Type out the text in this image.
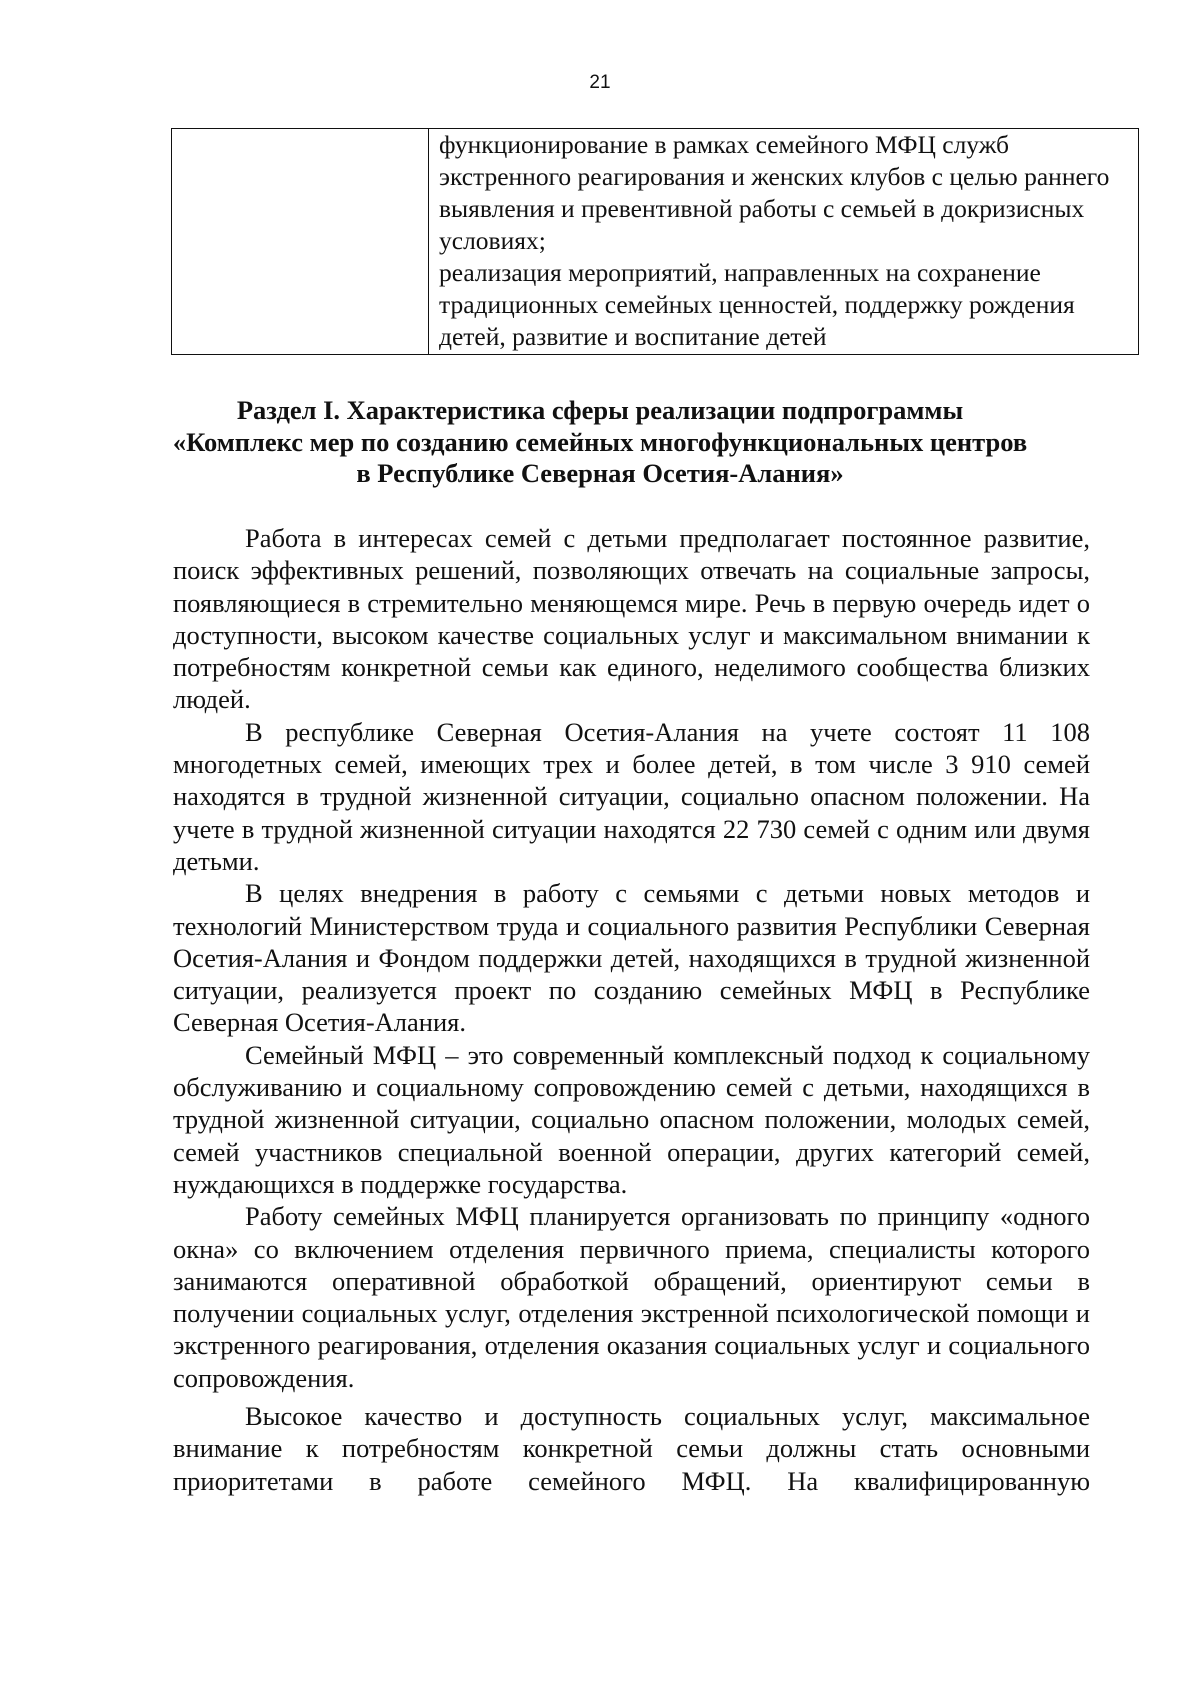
21

функционирование в рамках семейного МФЦ служб экстренного реагирования и женских клубов с целью раннего выявления и превентивной работы с семьей в докризисных условиях;

реализация мероприятий, направленных на сохранение традиционных семейных ценностей, поддержку рождения детей, развитие и воспитание детей

Раздел I. Характеристика сферы реализации подпрограммы
«Комплекс мер по созданию семейных многофункциональных центров
в Республике Северная Осетия-Алания»

Работа в интересах семей с детьми предполагает постоянное развитие, поиск эффективных решений, позволяющих отвечать на социальные запросы, появляющиеся в стремительно меняющемся мире. Речь в первую очередь идет о доступности, высоком качестве социальных услуг и максимальном внимании к потребностям конкретной семьи как единого, неделимого сообщества близких людей.

В республике Северная Осетия-Алания на учете состоят 11 108 многодетных семей, имеющих трех и более детей, в том числе 3 910 семей находятся в трудной жизненной ситуации, социально опасном положении. На учете в трудной жизненной ситуации находятся 22 730 семей с одним или двумя детьми.

В целях внедрения в работу с семьями с детьми новых методов и технологий Министерством труда и социального развития Республики Северная Осетия-Алания и Фондом поддержки детей, находящихся в трудной жизненной ситуации, реализуется проект по созданию семейных МФЦ в Республике Северная Осетия-Алания.

Семейный МФЦ – это современный комплексный подход к социальному обслуживанию и социальному сопровождению семей с детьми, находящихся в трудной жизненной ситуации, социально опасном положении, молодых семей, семей участников специальной военной операции, других категорий семей, нуждающихся в поддержке государства.

Работу семейных МФЦ планируется организовать по принципу «одного окна» со включением отделения первичного приема, специалисты которого занимаются оперативной обработкой обращений, ориентируют семьи в получении социальных услуг, отделения экстренной психологической помощи и экстренного реагирования, отделения оказания социальных услуг и социального сопровождения.

Высокое качество и доступность социальных услуг, максимальное внимание к потребностям конкретной семьи должны стать основными приоритетами в работе семейного МФЦ. На квалифицированную
